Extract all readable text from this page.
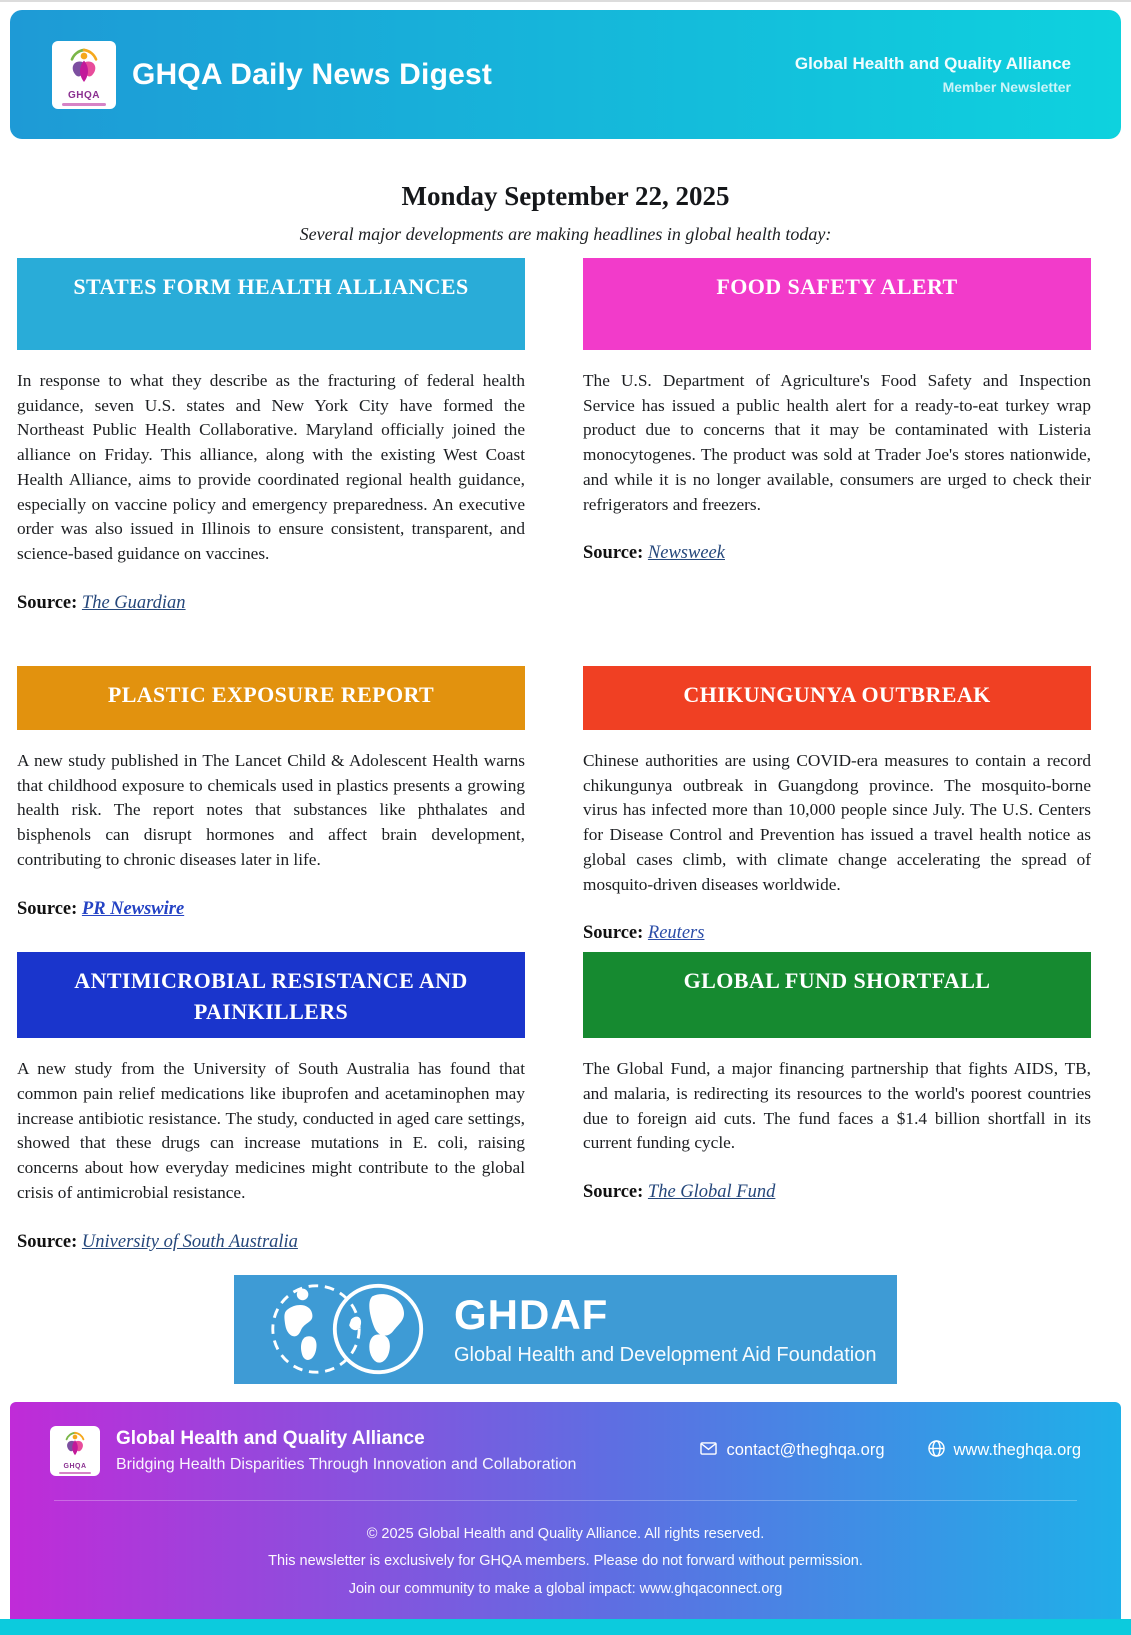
GHQA
GHQA Daily News Digest	Global Health and Quality Alliance
Member Newsletter
Monday September 22, 2025
Several major developments are making headlines in global health today:
STATES FORM HEALTH ALLIANCES
In response to what they describe as the fracturing of federal health guidance, seven U.S. states and New York City have formed the Northeast Public Health Collaborative. Maryland officially joined the alliance on Friday. This alliance, along with the existing West Coast Health Alliance, aims to provide coordinated regional health guidance, especially on vaccine policy and emergency preparedness. An executive order was also issued in Illinois to ensure consistent, transparent, and science-based guidance on vaccines.
Source: The Guardian
FOOD SAFETY ALERT
The U.S. Department of Agriculture's Food Safety and Inspection Service has issued a public health alert for a ready-to-eat turkey wrap product due to concerns that it may be contaminated with Listeria monocytogenes. The product was sold at Trader Joe's stores nationwide, and while it is no longer available, consumers are urged to check their refrigerators and freezers.
Source: Newsweek
PLASTIC EXPOSURE REPORT
A new study published in The Lancet Child & Adolescent Health warns that childhood exposure to chemicals used in plastics presents a growing health risk. The report notes that substances like phthalates and bisphenols can disrupt hormones and affect brain development, contributing to chronic diseases later in life.
Source: PR Newswire
CHIKUNGUNYA OUTBREAK
Chinese authorities are using COVID-era measures to contain a record chikungunya outbreak in Guangdong province. The mosquito-borne virus has infected more than 10,000 people since July. The U.S. Centers for Disease Control and Prevention has issued a travel health notice as global cases climb, with climate change accelerating the spread of mosquito-driven diseases worldwide.
Source: Reuters
ANTIMICROBIAL RESISTANCE AND PAINKILLERS
A new study from the University of South Australia has found that common pain relief medications like ibuprofen and acetaminophen may increase antibiotic resistance. The study, conducted in aged care settings, showed that these drugs can increase mutations in E. coli, raising concerns about how everyday medicines might contribute to the global crisis of antimicrobial resistance.
Source: University of South Australia
GLOBAL FUND SHORTFALL
The Global Fund, a major financing partnership that fights AIDS, TB, and malaria, is redirecting its resources to the world's poorest countries due to foreign aid cuts. The fund faces a $1.4 billion shortfall in its current funding cycle.
Source: The Global Fund
GHDAF
Global Health and Development Aid Foundation
GHQA
Global Health and Quality Alliance
Bridging Health Disparities Through Innovation and Collaboration
contact@theghqa.org	www.theghqa.org
© 2025 Global Health and Quality Alliance. All rights reserved.
This newsletter is exclusively for GHQA members. Please do not forward without permission.
Join our community to make a global impact: www.ghqaconnect.org
